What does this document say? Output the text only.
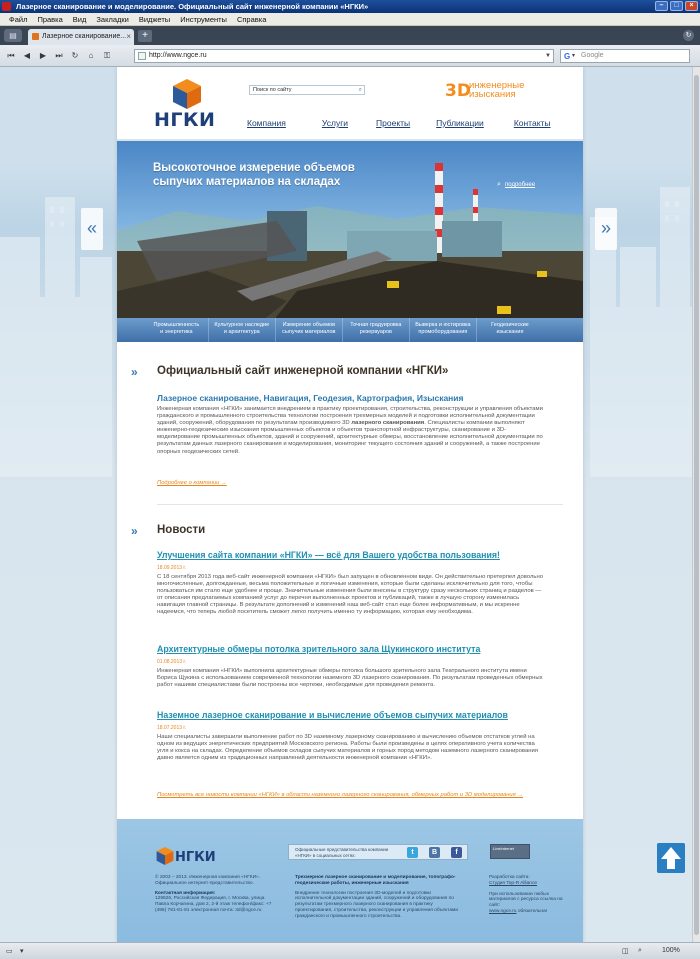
Лазерное сканирование и моделирование. Официальный сайт инженерной компании «НГКИ»	–	□	×
Файл	Правка	Вид	Закладки	Виджеты	Инструменты	Справка
▤	Лазерное сканирование... ×	+	↻
⏮	◀	▶	⏭	↻	⌂	⚿	http://www.ngce.ru	▼ G ▾ Google
«	»
НГКИ
Поиск по сайту	⌕	3D
инженерные
изыскания
Компания	Услуги	Проекты	Публикации	Контакты
Высокоточное измерение объемов
сыпучих материалов на складах	⌕ подробнее
Промышленность
и энергетика
Культурное наследие
и архитектура
Измерение объемов
сыпучих материалов
Точная градуировка
резервуаров
Выверка и юстировка
промоборудования
Геодезические
изыскания
» Официальный сайт инженерной компании «НГКИ»
Лазерное сканирование, Навигация, Геодезия, Картография, Изыскания

Инженерная компания «НГКИ» занимается внедрением в практику проектирования, строительства, реконструкции и управления объектами гражданского и промышленного строительства технологии построения трехмерных моделей и подготовки исполнительной документации зданий, сооружений, оборудования по результатам производимого 3D лазерного сканирования. Специалисты компании выполняют инженерно-геодезические изыскания промышленных объектов и объектов транспортной инфраструктуры, сканирование и 3D-моделирование промышленных объектов, зданий и сооружений, архитектурные обмеры, восстановление исполнительной документации по результатам данных лазерного сканирования и моделирования, мониторинг текущего состояния зданий и сооружений, а также построение опорных геодезических сетей.

Подробнее о компании →
» Новости
Улучшения сайта компании «НГКИ» — всё для Вашего удобства пользования!
18.09.2013 г.

С 18 сентября 2013 года веб-сайт инженерной компании «НГКИ» был запущен в обновленном виде. Он действительно претерпел довольно многочисленные, долгожданные, весьма положительные и логичные изменения, которые были сделаны исключительно для того, чтобы пользоваться им стало еще удобнее и проще. Значительные изменения были внесены в структуру сразу нескольких страниц и разделов — от описания предлагаемых компанией услуг до перечня выполненных проектов и публикаций, также в лучшую сторону изменилась навигация главной страницы. В результате дополнений и изменений наш веб-сайт стал еще более информативным, и мы искренне надеемся, что теперь любой посетитель сможет легко получить именно ту информацию, которая ему необходима.

Архитектурные обмеры потолка зрительного зала Щукинского института
01.08.2013 г.

Инженерная компания «НГКИ» выполнила архитектурные обмеры потолка большого зрительного зала Театрального института имени Бориса Щукина с использованием современной технологии наземного 3D лазерного сканирования. По результатам проведенных обмерных работ нашими специалистами были построены все чертежи, необходимые для проведения ремонта.

Наземное лазерное сканирование и вычисление объемов сыпучих материалов
18.07.2013 г.

Наши специалисты завершили выполнение работ по 3D наземному лазерному сканированию и вычислению объемов отстатков углей на одном из ведущих энергетических предприятий Московского региона. Работы были произведены в целях оперативного учета количества угля и кокса на складах. Определение объемов складов сыпучих материалов и горных пород методом наземного лазерного сканирования давно является одним из традиционных направлений деятельности инженерной компании «НГКИ».

Посмотреть все новости компании «НГКИ» в области наземного лазерного сканирования, обмерных работ и 3D моделирования →
НГКИ
Официальные представительства компании «НГКИ» в социальных сетях:	t	B	f
LiveInternet
© 2003 – 2013. Инженерная компания «НГКИ». Официальное интернет-представительство.
Контактная информация:
129626, Российская Федерация, г. Москва, улица Павла Корчагина, дом 2, 2-й этаж телефон/факс: +7 (495) 781-81-81 электронная почта: 3d@ngce.ru
Трехмерное лазерное сканирование и моделирование, топографо-геодезические работы, инженерные изыскания
Внедрение технологии построения 3D-моделей и подготовки исполнительной документации зданий, сооружений и оборудования по результатам трехмерного лазерного сканирования в практику проектирования, строительства, реконструкции и управления объектами гражданского и промышленного строительства.
Разработка сайта:
Студия Top-R Alliance
При использовании любых материалов с ресурса ссылка на сайт:
www.ngce.ru обязательна!
▭ ▾	◫ ⌕	100%
